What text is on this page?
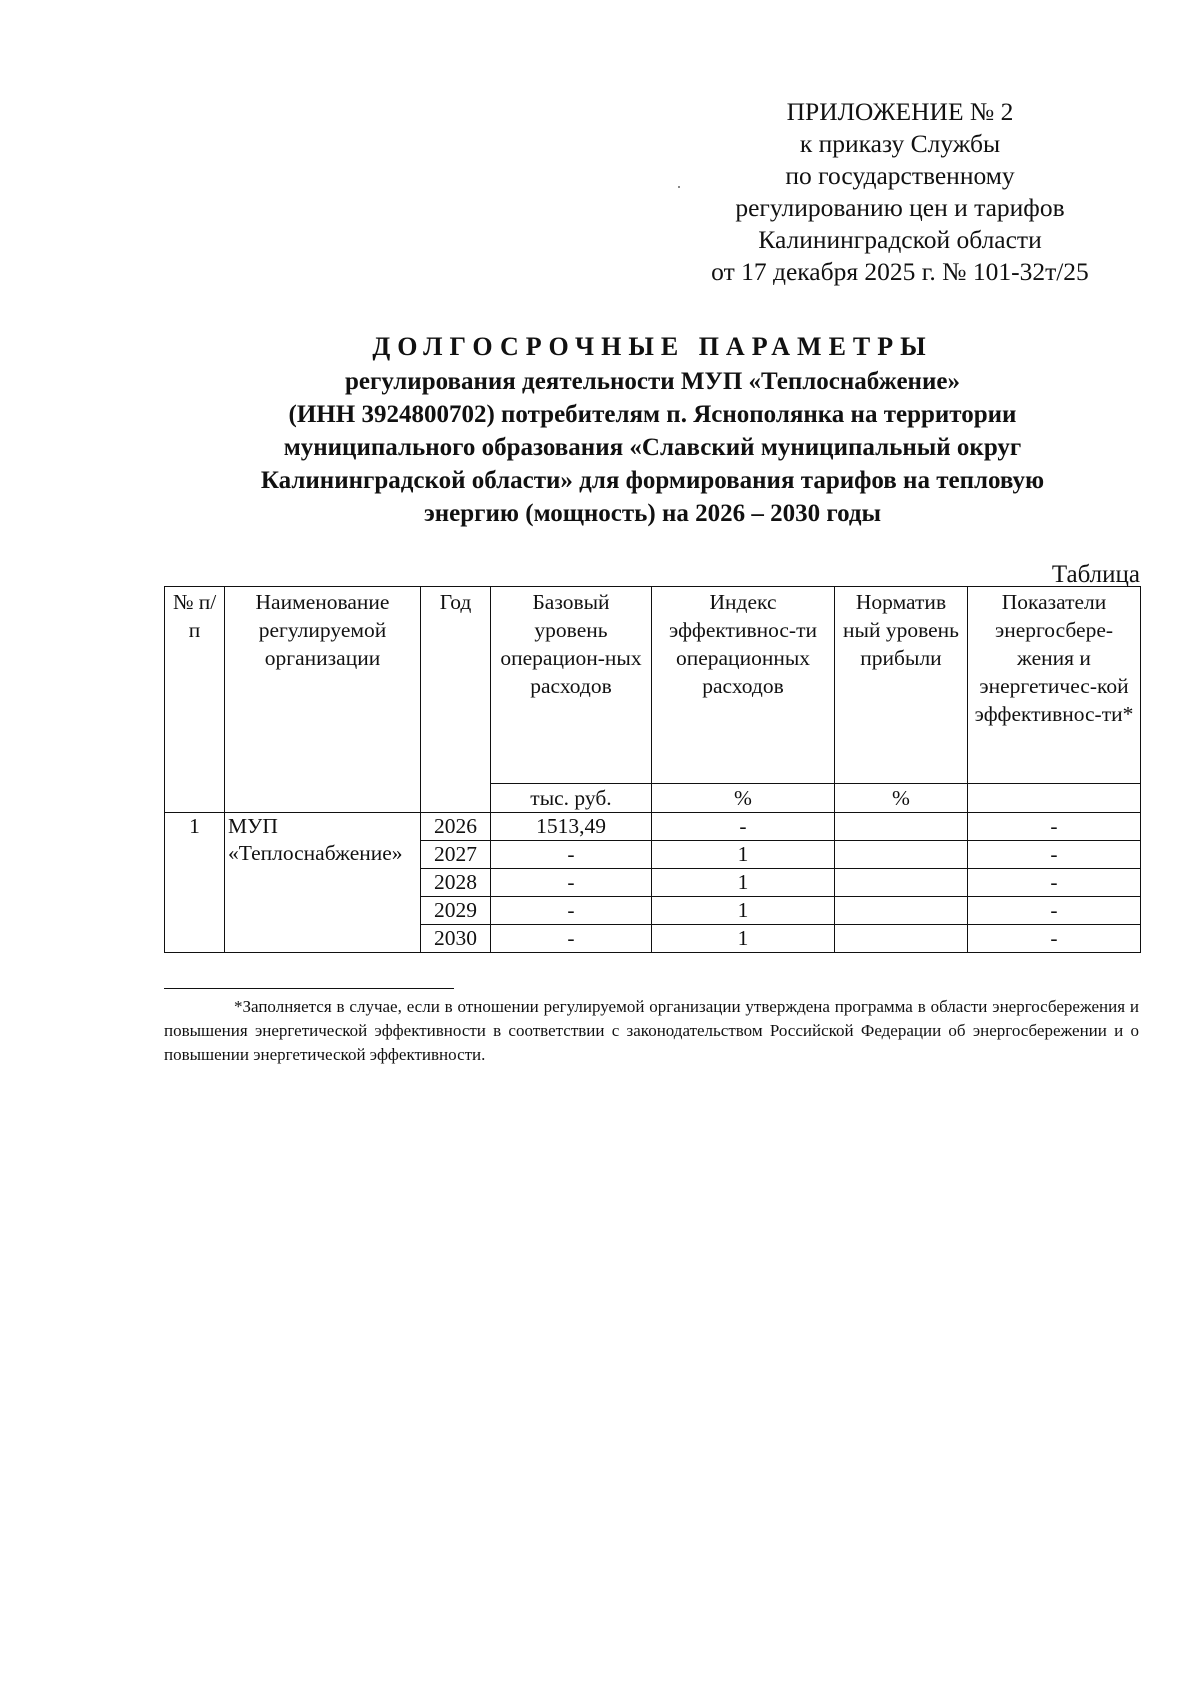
ПРИЛОЖЕНИЕ № 2
к приказу Службы
по государственному
регулированию цен и тарифов
Калининградской области
от 17 декабря 2025 г. № 101-32т/25
ДОЛГОСРОЧНЫЕ ПАРАМЕТРЫ
регулирования деятельности МУП «Теплоснабжение»
(ИНН 3924800702) потребителям п. Яснополянка на территории
муниципального образования «Славский муниципальный округ
Калининградской области» для формирования тарифов на тепловую
энергию (мощность) на 2026 – 2030 годы
Таблица
№ п/п	Наименование регулируемой организации	Год	Базовый уровень операцион-ных расходов	Индекс эффективнос-ти операционных расходов	Норматив ный уровень прибыли	Показатели энергосбере-жения и энергетичес-кой эффективнос-ти*
			тыс. руб.	%	%	
1	МУП «Теплоснабжение»	2026	1513,49	-		-
		2027	-	1		-
		2028	-	1		-
		2029	-	1		-
		2030	-	1		-
*Заполняется в случае, если в отношении регулируемой организации утверждена программа в области энергосбережения и повышения энергетической эффективности в соответствии с законодательством Российской Федерации об энергосбережении и о повышении энергетической эффективности.
